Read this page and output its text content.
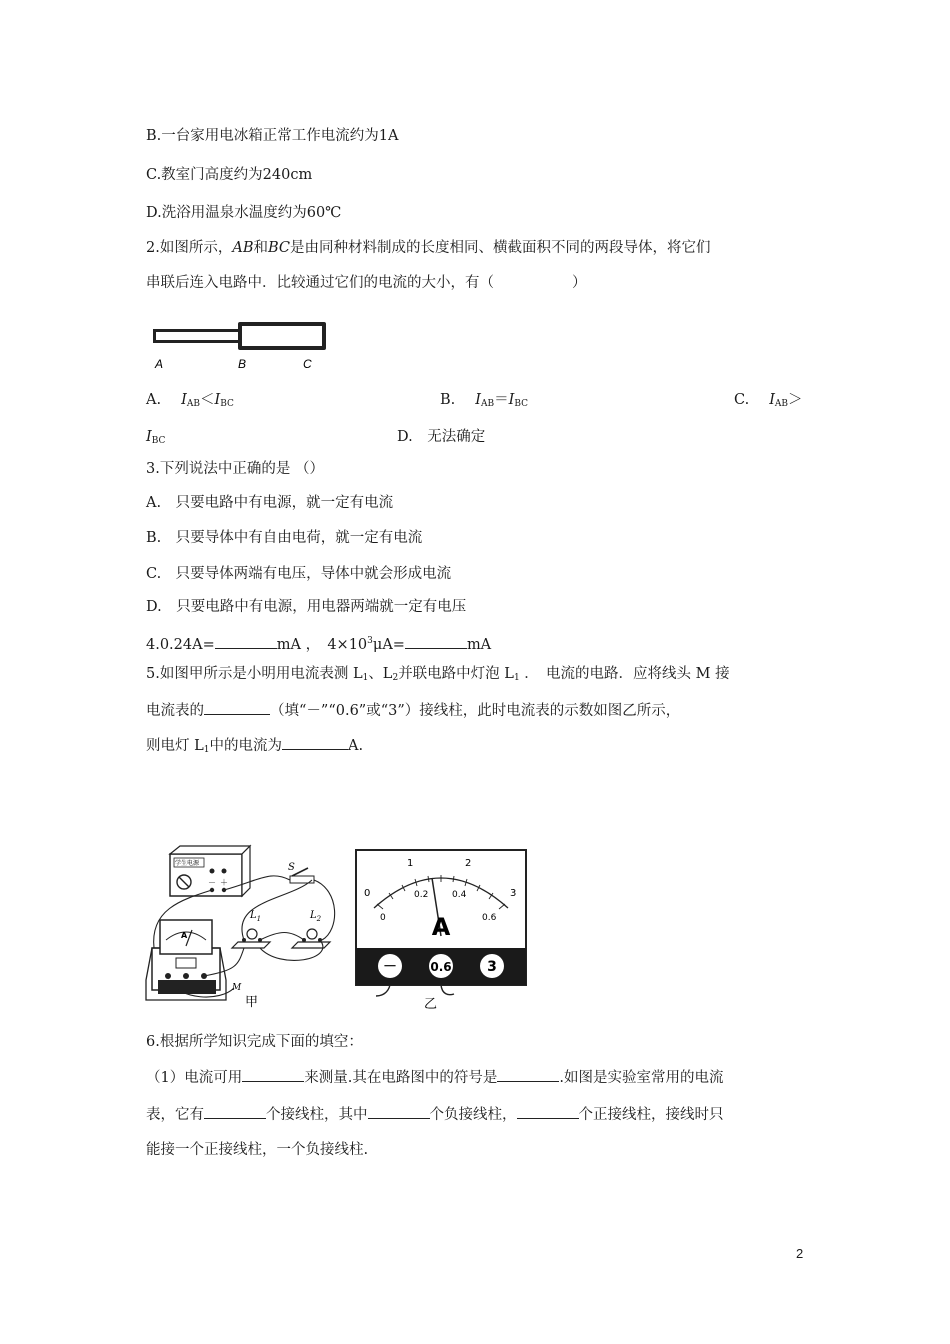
B.一台家用电冰箱正常工作电流约为1A
C.教室门高度约为240cm
D.洗浴用温泉水温度约为60℃
2.如图所示，AB和BC是由同种材料制成的长度相同、横截面积不同的两段导体，将它们
串联后连入电路中．比较通过它们的电流的大小，有（	）
A	B	C
A. $I_{AB}<I_{BC}$	B. $I_{AB}=I_{BC}$	C. $I_{AB}>$
$I_{BC}$	D.　无法确定
3.下列说法中正确的是 （）
A.　只要电路中有电源，就一定有电流
B.　只要导体中有自由电荷，就一定有电流
C.　只要导体两端有电压，导体中就会形成电流
D.　只要电路中有电源，用电器两端就一定有电压
4.0.24A=	mA ，　$4\times 10^3\mu A=$	mA
5.如图甲所示是小明用电流表测 $L_1$、$L_2$并联电路中灯泡 $L_1$ ．　电流的电路．应将线头 M 接
电流表的	（填“－”“0.6”或“3”）接线柱，此时电流表的示数如图乙所示，
则电灯 $L_1$中的电流为	A.
学生电源
－ ＋
S
A
$L_1$	$L_2$
M
甲
0
1	2
3
0
0.2	0.4
0.6
A
－	0.6	3
乙
6.根据所学知识完成下面的填空：
（1）电流可用	来测量.其在电路图中的符号是	.如图是实验室常用的电流
表，它有	个接线柱，其中	个负接线柱，	个正接线柱，接线时只
能接一个正接线柱，一个负接线柱.
2
